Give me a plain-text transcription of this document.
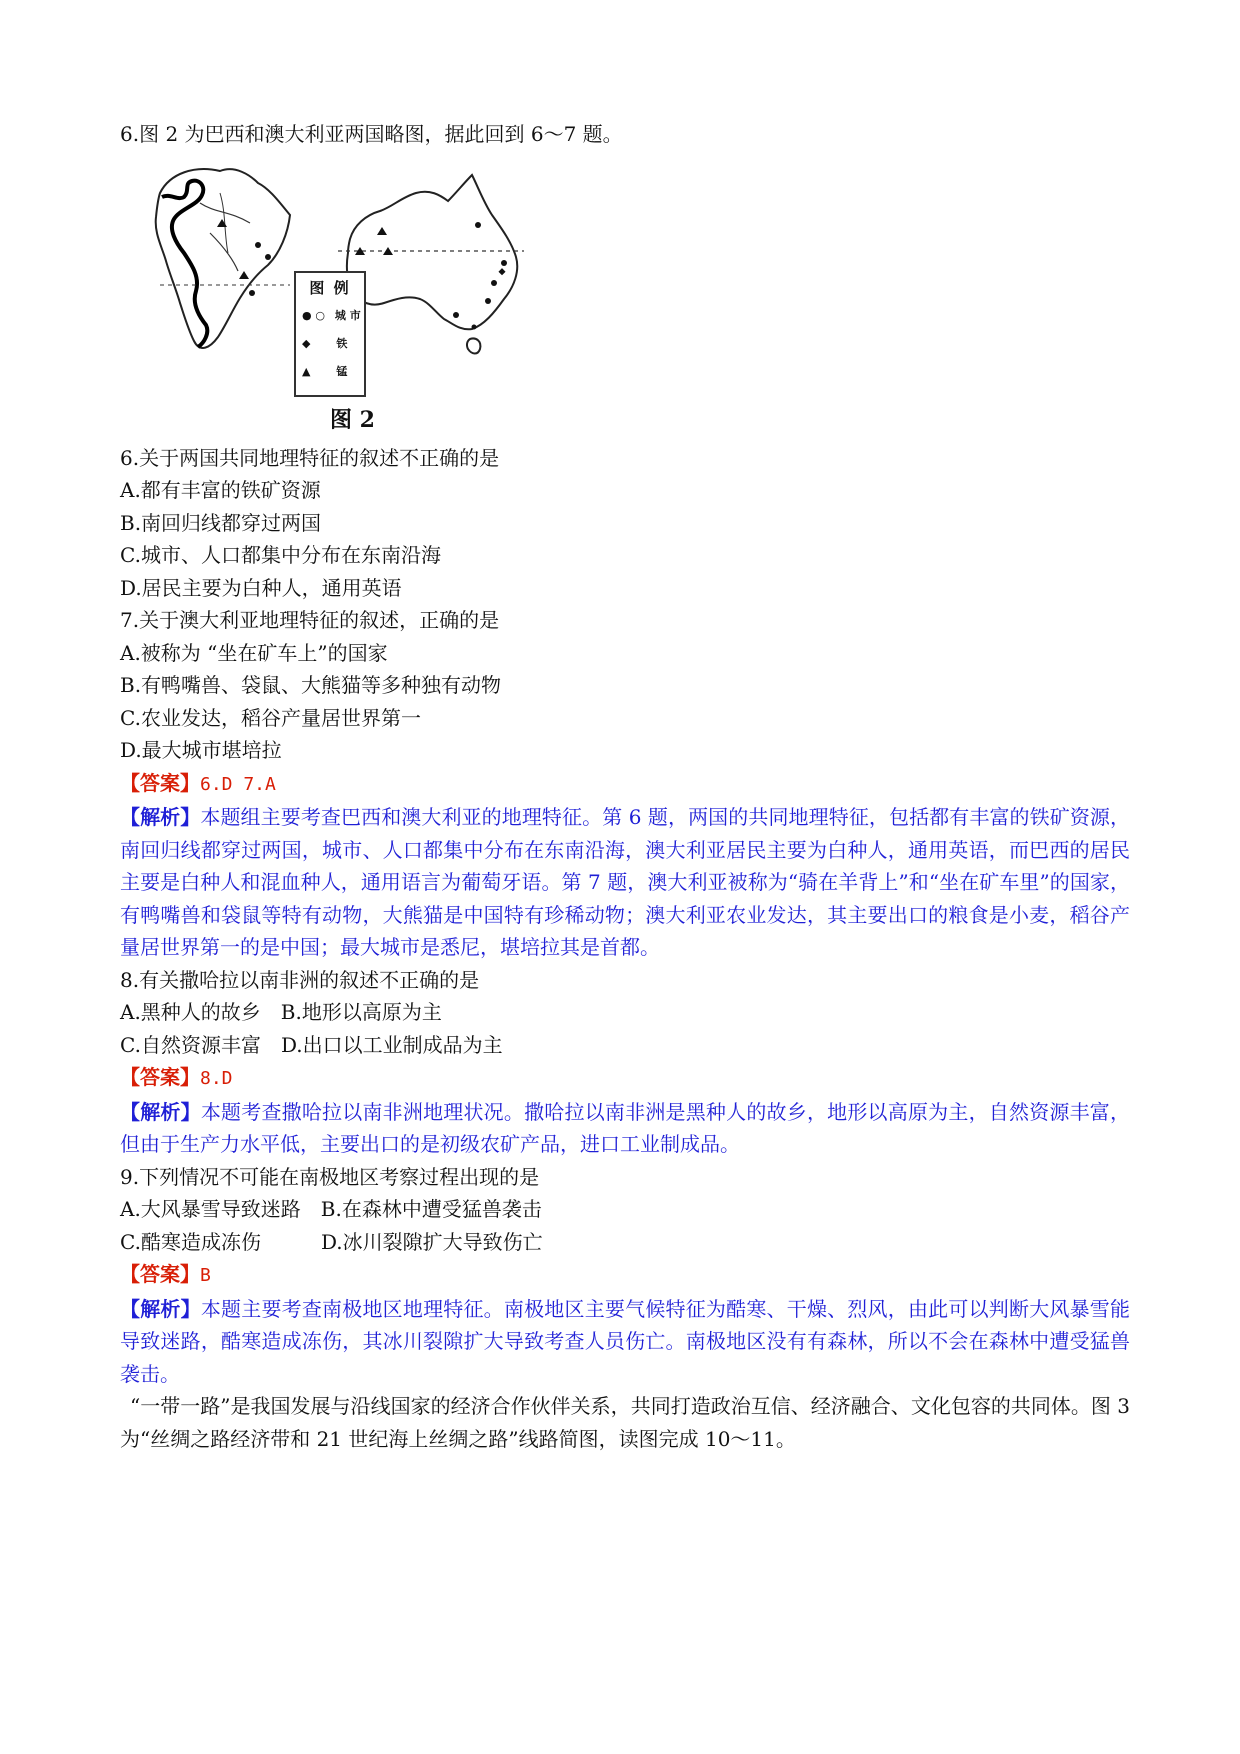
6.图 2 为巴西和澳大利亚两国略图，据此回到 6～7 题。
图 例
● ○ 城 市
◆ 铁
▲ 锰
图 2
6.关于两国共同地理特征的叙述不正确的是
A.都有丰富的铁矿资源
B.南回归线都穿过两国
C.城市、人口都集中分布在东南沿海
D.居民主要为白种人，通用英语
7.关于澳大利亚地理特征的叙述，正确的是
A.被称为 “坐在矿车上”的国家
B.有鸭嘴兽、袋鼠、大熊猫等多种独有动物
C.农业发达，稻谷产量居世界第一
D.最大城市堪培拉
【答案】6.D 7.A
【解析】本题组主要考查巴西和澳大利亚的地理特征。第 6 题，两国的共同地理特征，包括都有丰富的铁矿资源，南回归线都穿过两国，城市、人口都集中分布在东南沿海，澳大利亚居民主要为白种人，通用英语，而巴西的居民主要是白种人和混血种人，通用语言为葡萄牙语。第 7 题，澳大利亚被称为“骑在羊背上”和“坐在矿车里”的国家，有鸭嘴兽和袋鼠等特有动物，大熊猫是中国特有珍稀动物；澳大利亚农业发达，其主要出口的粮食是小麦，稻谷产量居世界第一的是中国；最大城市是悉尼，堪培拉其是首都。
8.有关撒哈拉以南非洲的叙述不正确的是
A.黑种人的故乡　B.地形以高原为主
C.自然资源丰富　D.出口以工业制成品为主
【答案】8.D
【解析】本题考查撒哈拉以南非洲地理状况。撒哈拉以南非洲是黑种人的故乡，地形以高原为主，自然资源丰富，但由于生产力水平低，主要出口的是初级农矿产品，进口工业制成品。
9.下列情况不可能在南极地区考察过程出现的是
A.大风暴雪导致迷路　B.在森林中遭受猛兽袭击
C.酷寒造成冻伤　　　D.冰川裂隙扩大导致伤亡
【答案】B
【解析】本题主要考查南极地区地理特征。南极地区主要气候特征为酷寒、干燥、烈风，由此可以判断大风暴雪能导致迷路，酷寒造成冻伤，其冰川裂隙扩大导致考查人员伤亡。南极地区没有有森林，所以不会在森林中遭受猛兽袭击。
“一带一路”是我国发展与沿线国家的经济合作伙伴关系，共同打造政治互信、经济融合、文化包容的共同体。图 3 为“丝绸之路经济带和 21 世纪海上丝绸之路”线路简图，读图完成 10～11。
